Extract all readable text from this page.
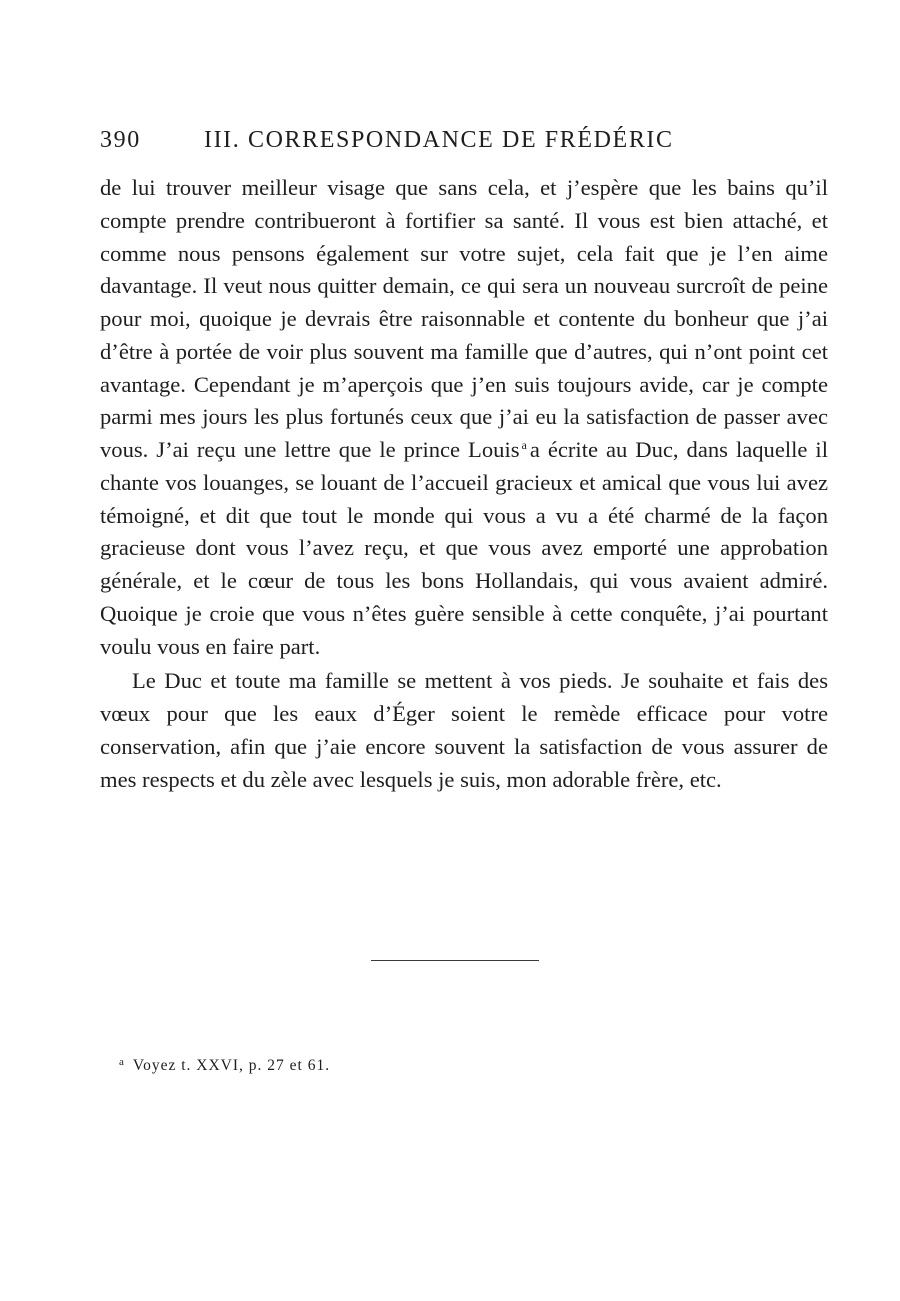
390	III. CORRESPONDANCE DE FRÉDÉRIC

de lui trouver meilleur visage que sans cela, et j’espère que les bains qu’il compte prendre contribueront à fortifier sa santé. Il vous est bien attaché, et comme nous pensons également sur votre sujet, cela fait que je l’en aime davantage. Il veut nous quitter demain, ce qui sera un nouveau surcroît de peine pour moi, quoique je devrais être raisonnable et contente du bonheur que j’ai d’être à portée de voir plus souvent ma famille que d’autres, qui n’ont point cet avantage. Cependant je m’aperçois que j’en suis toujours avide, car je compte parmi mes jours les plus fortunés ceux que j’ai eu la satisfaction de passer avec vous. J’ai reçu une lettre que le prince Louis $^a$ a écrite au Duc, dans laquelle il chante vos louanges, se louant de l’accueil gracieux et amical que vous lui avez témoigné, et dit que tout le monde qui vous a vu a été charmé de la façon gracieuse dont vous l’avez reçu, et que vous avez emporté une approbation générale, et le cœur de tous les bons Hollandais, qui vous avaient admiré. Quoique je croie que vous n’êtes guère sensible à cette conquête, j’ai pourtant voulu vous en faire part.

Le Duc et toute ma famille se mettent à vos pieds. Je souhaite et fais des vœux pour que les eaux d’Éger soient le remède efficace pour votre conservation, afin que j’aie encore souvent la satisfaction de vous assurer de mes respects et du zèle avec lesquels je suis, mon adorable frère, etc.

$^a$ Voyez t. XXVI, p. 27 et 61.
